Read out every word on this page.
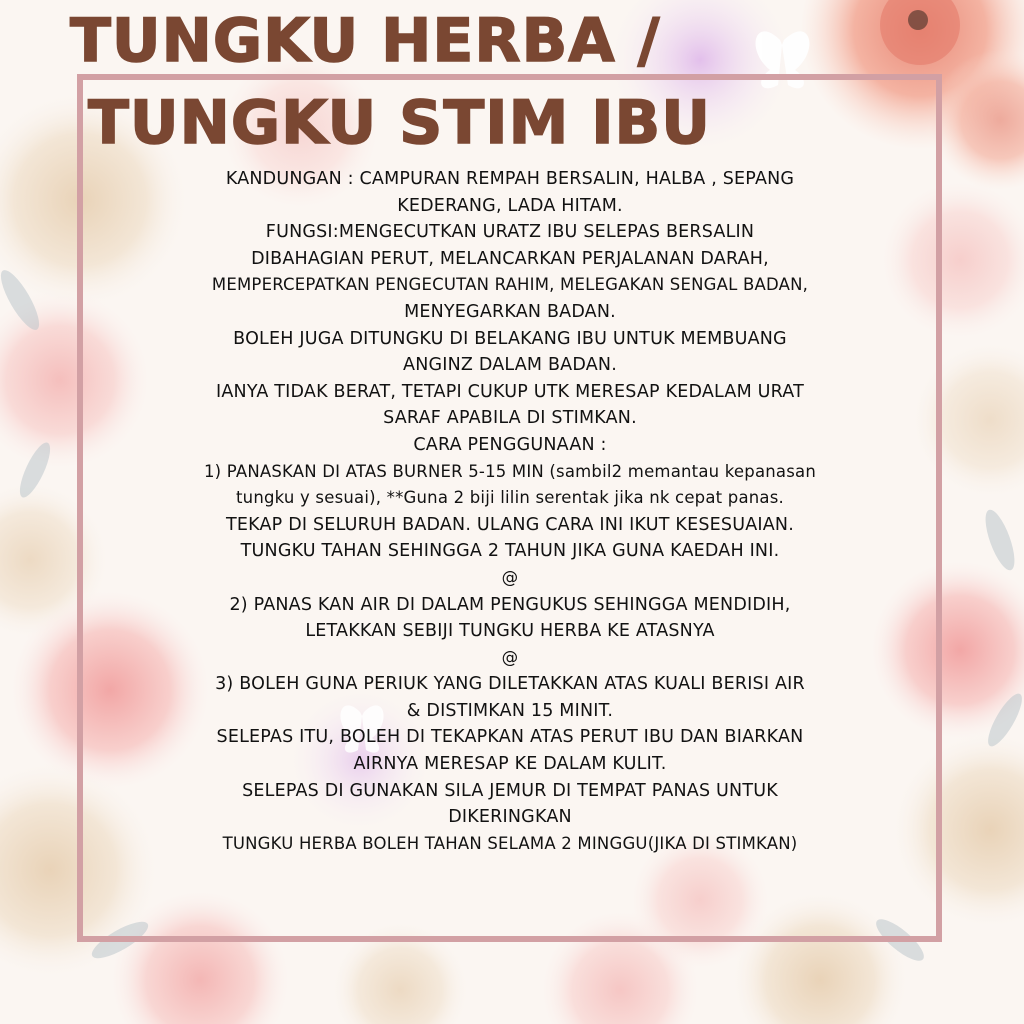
TUNGKU HERBA /
TUNGKU STIM IBU
KANDUNGAN : CAMPURAN REMPAH BERSALIN, HALBA , SEPANG
KEDERANG, LADA HITAM.
FUNGSI:MENGECUTKAN URATZ IBU SELEPAS BERSALIN
DIBAHAGIAN PERUT, MELANCARKAN PERJALANAN DARAH,
MEMPERCEPATKAN PENGECUTAN RAHIM, MELEGAKAN SENGAL BADAN,
MENYEGARKAN BADAN.
BOLEH JUGA DITUNGKU DI BELAKANG IBU UNTUK MEMBUANG
ANGINZ DALAM BADAN.
IANYA TIDAK BERAT, TETAPI CUKUP UTK MERESAP KEDALAM URAT
SARAF APABILA DI STIMKAN.
CARA PENGGUNAAN :
1) PANASKAN DI ATAS BURNER 5-15 MIN (sambil2 memantau kepanasan
tungku y sesuai), **Guna 2 biji lilin serentak jika nk cepat panas.
TEKAP DI SELURUH BADAN. ULANG CARA INI IKUT KESESUAIAN.
TUNGKU TAHAN SEHINGGA 2 TAHUN JIKA GUNA KAEDAH INI.
@
2) PANAS KAN AIR DI DALAM PENGUKUS SEHINGGA MENDIDIH,
LETAKKAN SEBIJI TUNGKU HERBA KE ATASNYA
@
3) BOLEH GUNA PERIUK YANG DILETAKKAN ATAS KUALI BERISI AIR
& DISTIMKAN 15 MINIT.
SELEPAS ITU, BOLEH DI TEKAPKAN ATAS PERUT IBU DAN BIARKAN
AIRNYA MERESAP KE DALAM KULIT.
SELEPAS DI GUNAKAN SILA JEMUR DI TEMPAT PANAS UNTUK
DIKERINGKAN
TUNGKU HERBA BOLEH TAHAN SELAMA 2 MINGGU(JIKA DI STIMKAN)
